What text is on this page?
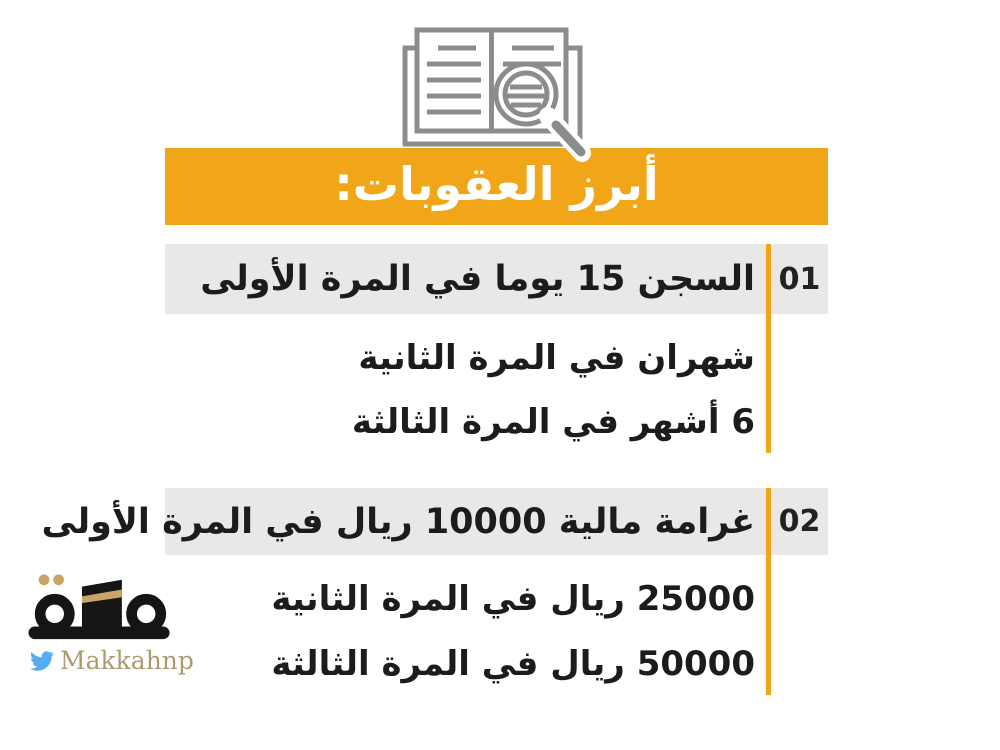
أبرز العقوبات:
01
السجن 15 يوما في المرة الأولى
شهران في المرة الثانية
6 أشهر في المرة الثالثة
02
غرامة مالية 10000 ريال في المرة الأولى
25000 ريال في المرة الثانية
50000 ريال في المرة الثالثة
Makkahnp
